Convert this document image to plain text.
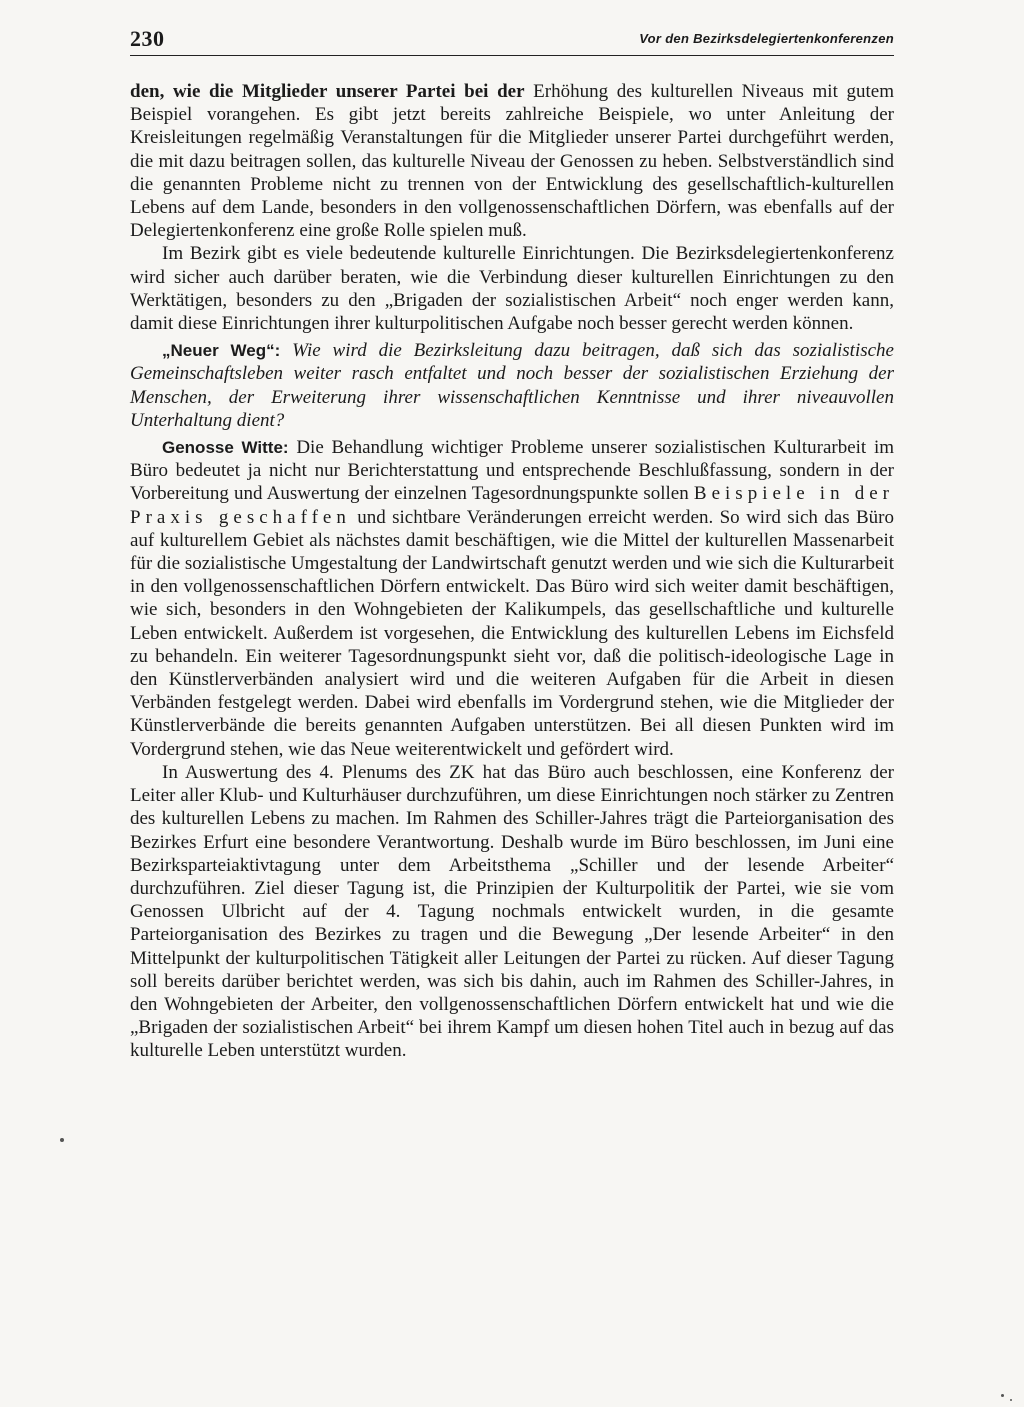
230	Vor den Bezirksdelegiertenkonferenzen

den, wie die Mitglieder unserer Partei bei der Erhöhung des kulturellen Niveaus mit gutem Beispiel vorangehen. Es gibt jetzt bereits zahlreiche Beispiele, wo unter Anleitung der Kreisleitungen regelmäßig Veranstaltungen für die Mitglieder unserer Partei durchgeführt werden, die mit dazu beitragen sollen, das kulturelle Niveau der Genossen zu heben. Selbstverständlich sind die genannten Probleme nicht zu trennen von der Entwicklung des gesellschaftlich-kulturellen Lebens auf dem Lande, besonders in den vollgenossenschaftlichen Dörfern, was ebenfalls auf der Delegiertenkonferenz eine große Rolle spielen muß.

Im Bezirk gibt es viele bedeutende kulturelle Einrichtungen. Die Bezirksdelegiertenkonferenz wird sicher auch darüber beraten, wie die Verbindung dieser kulturellen Einrichtungen zu den Werktätigen, besonders zu den „Brigaden der sozialistischen Arbeit“ noch enger werden kann, damit diese Einrichtungen ihrer kulturpolitischen Aufgabe noch besser gerecht werden können.

„Neuer Weg“: Wie wird die Bezirksleitung dazu beitragen, daß sich das sozialistische Gemeinschaftsleben weiter rasch entfaltet und noch besser der sozialistischen Erziehung der Menschen, der Erweiterung ihrer wissenschaftlichen Kenntnisse und ihrer niveauvollen Unterhaltung dient?

Genosse Witte: Die Behandlung wichtiger Probleme unserer sozialistischen Kulturarbeit im Büro bedeutet ja nicht nur Berichterstattung und entsprechende Beschlußfassung, sondern in der Vorbereitung und Auswertung der einzelnen Tagesordnungspunkte sollen Beispiele in der Praxis geschaffen und sichtbare Veränderungen erreicht werden. So wird sich das Büro auf kulturellem Gebiet als nächstes damit beschäftigen, wie die Mittel der kulturellen Massenarbeit für die sozialistische Umgestaltung der Landwirtschaft genutzt werden und wie sich die Kulturarbeit in den vollgenossenschaftlichen Dörfern entwickelt. Das Büro wird sich weiter damit beschäftigen, wie sich, besonders in den Wohngebieten der Kalikumpels, das gesellschaftliche und kulturelle Leben entwickelt. Außerdem ist vorgesehen, die Entwicklung des kulturellen Lebens im Eichsfeld zu behandeln. Ein weiterer Tagesordnungspunkt sieht vor, daß die politisch-ideologische Lage in den Künstlerverbänden analysiert wird und die weiteren Aufgaben für die Arbeit in diesen Verbänden festgelegt werden. Dabei wird ebenfalls im Vordergrund stehen, wie die Mitglieder der Künstlerverbände die bereits genannten Aufgaben unterstützen. Bei all diesen Punkten wird im Vordergrund stehen, wie das Neue weiterentwickelt und gefördert wird.

In Auswertung des 4. Plenums des ZK hat das Büro auch beschlossen, eine Konferenz der Leiter aller Klub- und Kulturhäuser durchzuführen, um diese Einrichtungen noch stärker zu Zentren des kulturellen Lebens zu machen. Im Rahmen des Schiller-Jahres trägt die Parteiorganisation des Bezirkes Erfurt eine besondere Verantwortung. Deshalb wurde im Büro beschlossen, im Juni eine Bezirksparteiaktivtagung unter dem Arbeitsthema „Schiller und der lesende Arbeiter“ durchzuführen. Ziel dieser Tagung ist, die Prinzipien der Kulturpolitik der Partei, wie sie vom Genossen Ulbricht auf der 4. Tagung nochmals entwickelt wurden, in die gesamte Parteiorganisation des Bezirkes zu tragen und die Bewegung „Der lesende Arbeiter“ in den Mittelpunkt der kulturpolitischen Tätigkeit aller Leitungen der Partei zu rücken. Auf dieser Tagung soll bereits darüber berichtet werden, was sich bis dahin, auch im Rahmen des Schiller-Jahres, in den Wohngebieten der Arbeiter, den vollgenossenschaftlichen Dörfern entwickelt hat und wie die „Brigaden der sozialistischen Arbeit“ bei ihrem Kampf um diesen hohen Titel auch in bezug auf das kulturelle Leben unterstützt wurden.
